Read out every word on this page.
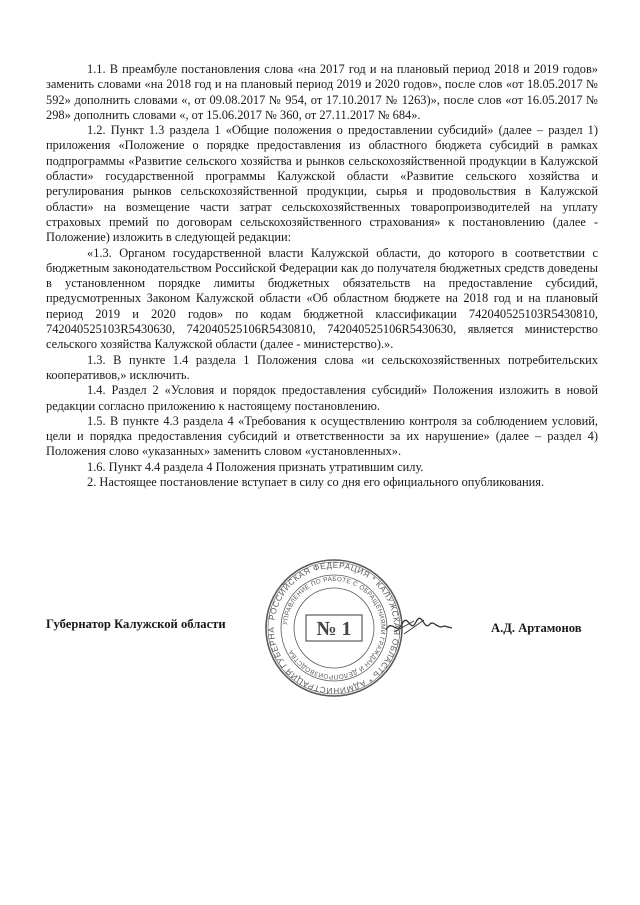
1.1. В преамбуле постановления слова «на 2017 год и на плановый период 2018 и 2019 годов» заменить словами «на 2018 год и на плановый период 2019 и 2020 годов», после слов «от 18.05.2017 № 592» дополнить словами «, от 09.08.2017 № 954, от 17.10.2017 № 1263)», после слов «от 16.05.2017 № 298» дополнить словами «, от 15.06.2017 № 360, от 27.11.2017 № 684».

1.2. Пункт 1.3 раздела 1 «Общие положения о предоставлении субсидий» (далее – раздел 1) приложения «Положение о порядке предоставления из областного бюджета субсидий в рамках подпрограммы «Развитие сельского хозяйства и рынков сельскохозяйственной продукции в Калужской области» государственной программы Калужской области «Развитие сельского хозяйства и регулирования рынков сельскохозяйственной продукции, сырья и продовольствия в Калужской области» на возмещение части затрат сельскохозяйственных товаропроизводителей на уплату страховых премий по договорам сельскохозяйственного страхования» к постановлению (далее - Положение) изложить в следующей редакции:

«1.3. Органом государственной власти Калужской области, до которого в соответствии с бюджетным законодательством Российской Федерации как до получателя бюджетных средств доведены в установленном порядке лимиты бюджетных обязательств на предоставление субсидий, предусмотренных Законом Калужской области «Об областном бюджете на 2018 год и на плановый период 2019 и 2020 годов» по кодам бюджетной классификации 742040525103R5430810, 742040525103R5430630, 742040525106R5430810, 742040525106R5430630, является министерство сельского хозяйства Калужской области (далее - министерство).».

1.3. В пункте 1.4 раздела 1 Положения слова «и сельскохозяйственных потребительских кооперативов,» исключить.

1.4. Раздел 2 «Условия и порядок предоставления субсидий» Положения изложить в новой редакции согласно приложению к настоящему постановлению.

1.5. В пункте 4.3 раздела 4 «Требования к осуществлению контроля за соблюдением условий, цели и порядка предоставления субсидий и ответственности за их нарушение» (далее – раздел 4) Положения слово «указанных» заменить словом «установленных».

1.6. Пункт 4.4 раздела 4 Положения признать утратившим силу.

2. Настоящее постановление вступает в силу со дня его официального опубликования.

РОССИЙСКАЯ ФЕДЕРАЦИЯ * КАЛУЖСКАЯ ОБЛАСТЬ * АДМИНИСТРАЦИЯ ГУБЕРНА
УПРАВЛЕНИЕ ПО РАБОТЕ С ОБРАЩЕНИЯМИ ГРАЖДАН И ДЕЛОПРОИЗВОДСТВА
№ 1
Губернатор Калужской области	А.Д. Артамонов
